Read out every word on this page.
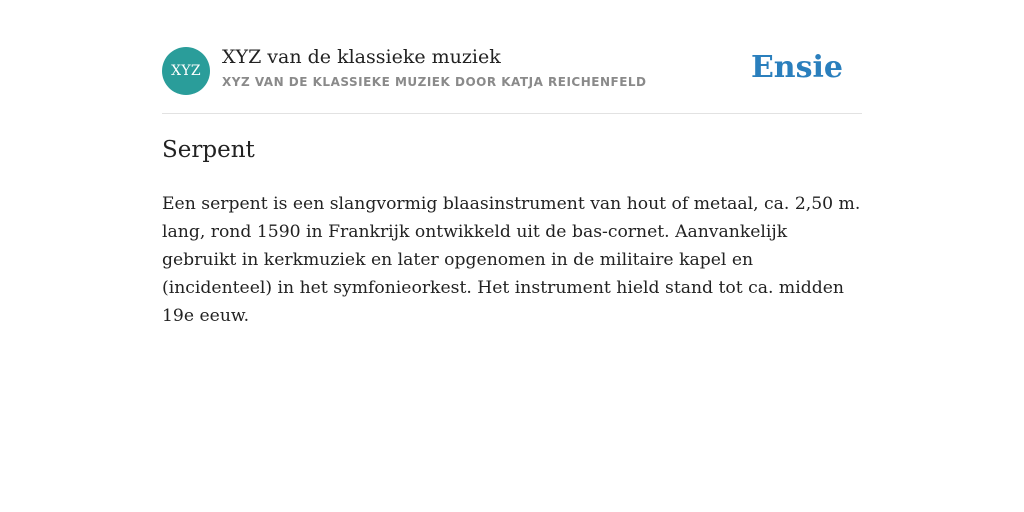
XYZ
XYZ van de klassieke muziek
XYZ VAN DE KLASSIEKE MUZIEK DOOR KATJA REICHENFELD	Ensie
Serpent

Een serpent is een slangvormig blaasinstrument van hout of metaal, ca. 2,50 m. lang, rond 1590 in Frankrijk ontwikkeld uit de bas-cornet. Aanvankelijk gebruikt in kerkmuziek en later opgenomen in de militaire kapel en (incidenteel) in het symfonieorkest. Het instrument hield stand tot ca. midden 19e eeuw.
